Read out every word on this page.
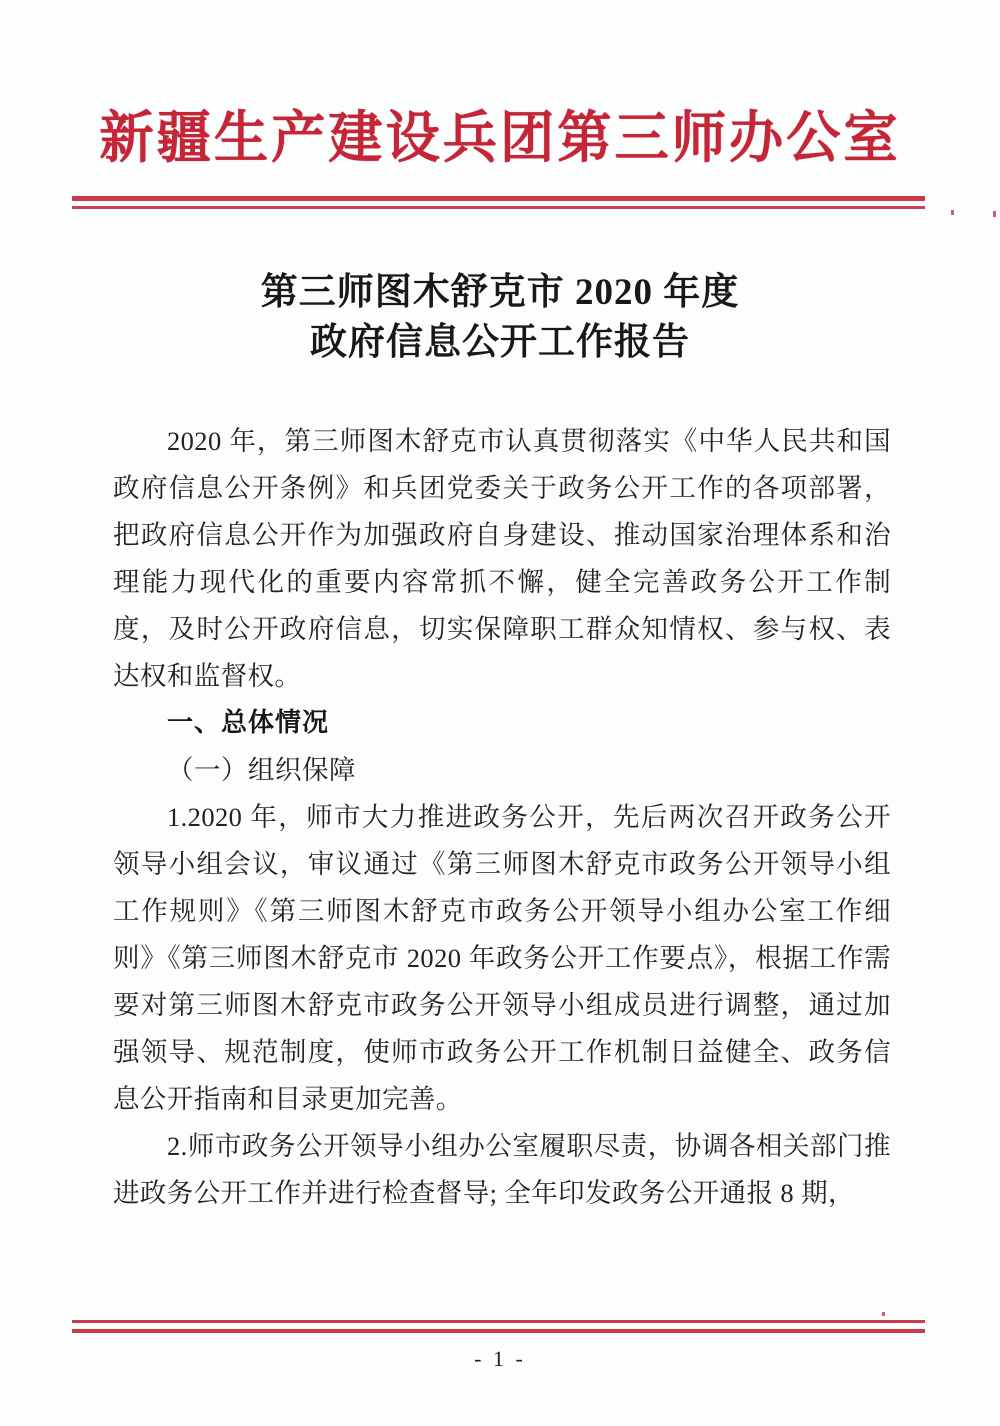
新疆生产建设兵团第三师办公室
第三师图木舒克市 2020 年度
政府信息公开工作报告

2020 年，第三师图木舒克市认真贯彻落实《中华人民共和国政府信息公开条例》和兵团党委关于政务公开工作的各项部署，把政府信息公开作为加强政府自身建设、推动国家治理体系和治理能力现代化的重要内容常抓不懈，健全完善政务公开工作制度，及时公开政府信息，切实保障职工群众知情权、参与权、表达权和监督权。

一、总体情况

（一）组织保障

1.2020 年，师市大力推进政务公开，先后两次召开政务公开领导小组会议，审议通过《第三师图木舒克市政务公开领导小组工作规则》《第三师图木舒克市政务公开领导小组办公室工作细则》《第三师图木舒克市 2020 年政务公开工作要点》，根据工作需要对第三师图木舒克市政务公开领导小组成员进行调整，通过加强领导、规范制度，使师市政务公开工作机制日益健全、政务信息公开指南和目录更加完善。

2.师市政务公开领导小组办公室履职尽责，协调各相关部门推进政务公开工作并进行检查督导; 全年印发政务公开通报 8 期，

- 1 -
